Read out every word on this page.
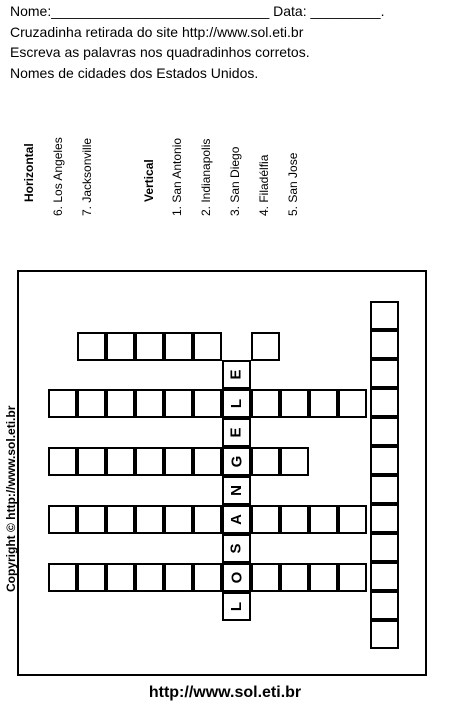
Nome:____________________________ Data: _________.
Cruzadinha retirada do site http://www.sol.eti.br
Escreva as palavras nos quadradinhos corretos.
Nomes de cidades dos Estados Unidos.
Horizontal 6. Los Angeles 7. Jacksonville	Vertical 1. San Antonio 2. Indianapolis 3. San Diego 4. Filadélfia 5. San Jose
L
O
S
A
N
G
E
L
E
Copyright © http://www.sol.eti.br
http://www.sol.eti.br
